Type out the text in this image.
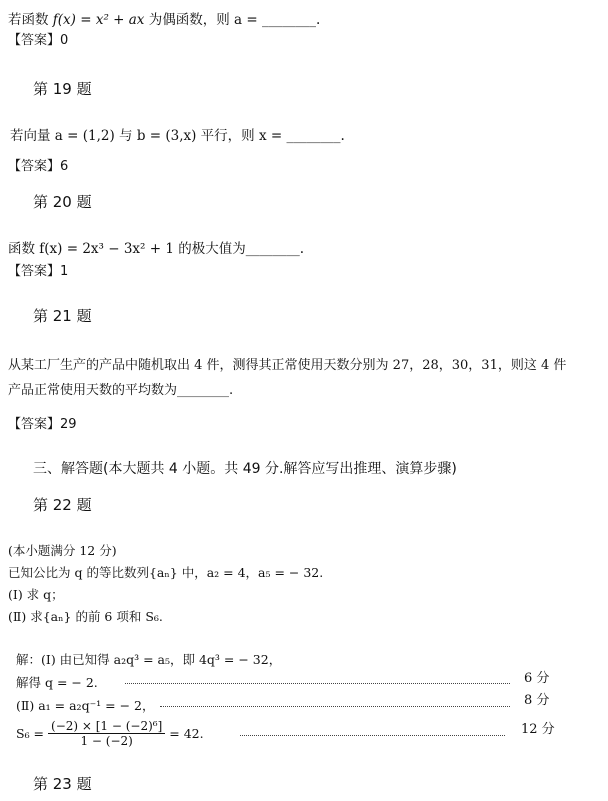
若函数 f(x) = x² + ax 为偶函数，则 a = ________.
【答案】0
第 19 题
若向量 a = (1,2) 与 b = (3,x) 平行，则 x = ________.
【答案】6
第 20 题
函数 f(x) = 2x³ − 3x² + 1 的极大值为________.
【答案】1
第 21 题
从某工厂生产的产品中随机取出 4 件，测得其正常使用天数分别为 27，28，30，31，则这 4 件
产品正常使用天数的平均数为________.
【答案】29
三、解答题(本大题共 4 小题。共 49 分.解答应写出推理、演算步骤)
第 22 题
(本小题满分 12 分)
已知公比为 q 的等比数列{aₙ} 中，a₂ = 4，a₅ = − 32.
(Ⅰ) 求 q；
(Ⅱ) 求{aₙ} 的前 6 项和 S₆.
解：(Ⅰ) 由已知得 a₂q³ = a₅，即 4q³ = − 32，
解得 q = − 2.	6 分
(Ⅱ) a₁ = a₂q⁻¹ = − 2，	8 分
$S_6 = \frac{\text{(−2) × [1 − (−2)⁶]}}{1 - (-2)} = 42$.	12 分
第 23 题
